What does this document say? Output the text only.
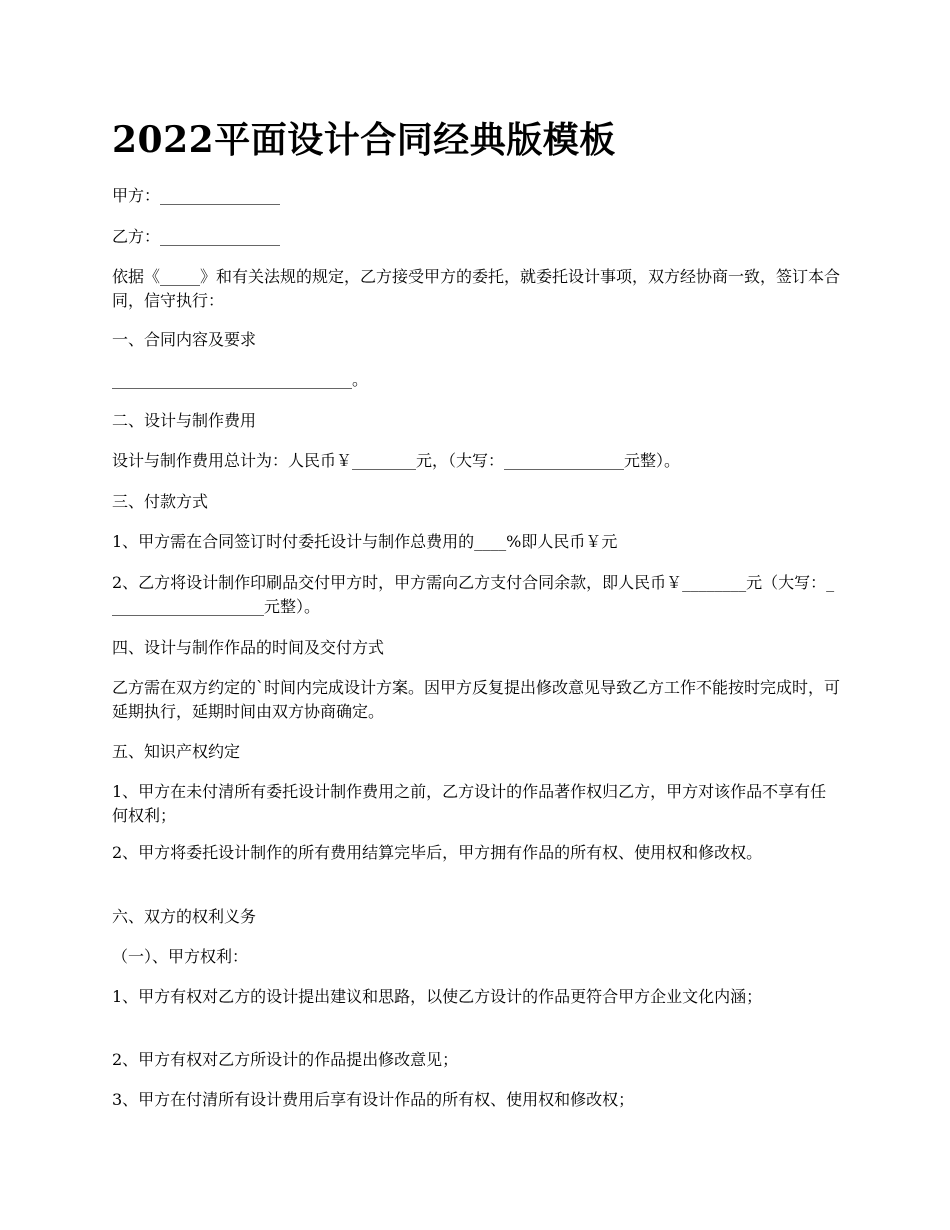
2022平面设计合同经典版模板

甲方：_______________

乙方：_______________

依据《_____》和有关法规的规定，乙方接受甲方的委托，就委托设计事项，双方经协商一致，签订本合同，信守执行：

一、合同内容及要求

______________________________。

二、设计与制作费用

设计与制作费用总计为：人民币￥________元，（大写：_______________元整）。

三、付款方式

1、甲方需在合同签订时付委托设计与制作总费用的____%即人民币￥元

2、乙方将设计制作印刷品交付甲方时，甲方需向乙方支付合同余款，即人民币￥________元（大写：____________________元整）。

四、设计与制作作品的时间及交付方式

乙方需在双方约定的`时间内完成设计方案。因甲方反复提出修改意见导致乙方工作不能按时完成时，可延期执行，延期时间由双方协商确定。

五、知识产权约定

1、甲方在未付清所有委托设计制作费用之前，乙方设计的作品著作权归乙方，甲方对该作品不享有任何权利；

2、甲方将委托设计制作的所有费用结算完毕后，甲方拥有作品的所有权、使用权和修改权。

六、双方的权利义务

（一）、甲方权利：

1、甲方有权对乙方的设计提出建议和思路，以使乙方设计的作品更符合甲方企业文化内涵；

2、甲方有权对乙方所设计的作品提出修改意见；

3、甲方在付清所有设计费用后享有设计作品的所有权、使用权和修改权；
